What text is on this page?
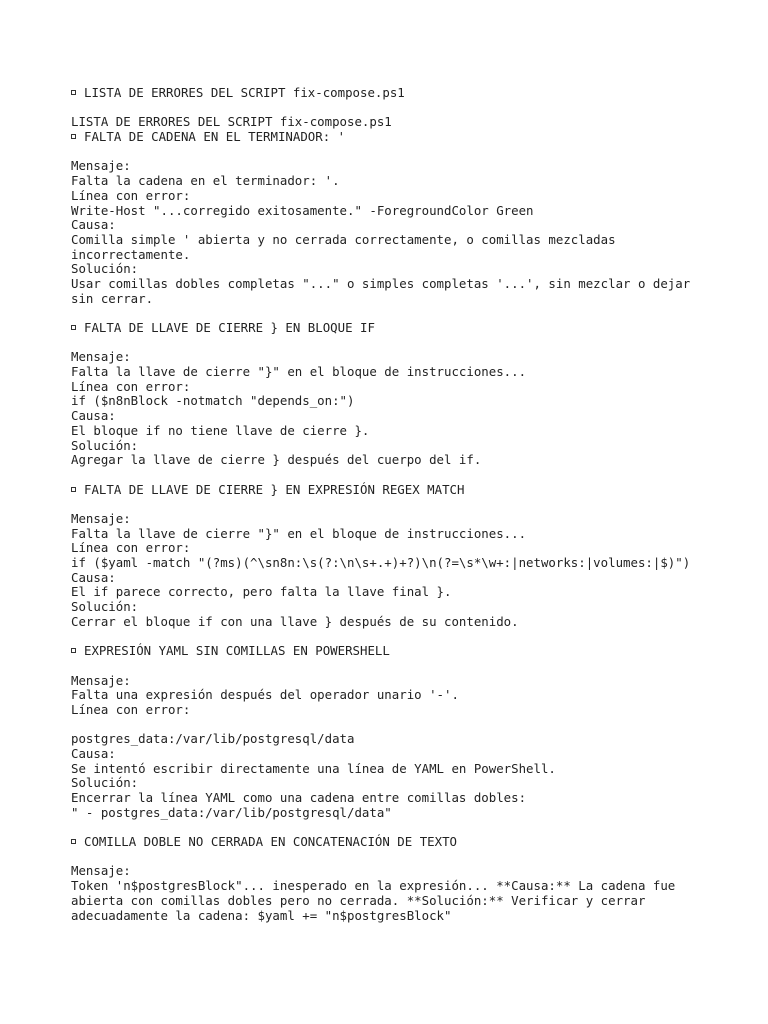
LISTA DE ERRORES DEL SCRIPT fix-compose.ps1
LISTA DE ERRORES DEL SCRIPT fix-compose.ps1
FALTA DE CADENA EN EL TERMINADOR: '
Mensaje:
Falta la cadena en el terminador: '.
Línea con error:
Write-Host "...corregido exitosamente." -ForegroundColor Green
Causa:
Comilla simple ' abierta y no cerrada correctamente, o comillas mezcladas
incorrectamente.
Solución:
Usar comillas dobles completas "..." o simples completas '...', sin mezclar o dejar
sin cerrar.
FALTA DE LLAVE DE CIERRE } EN BLOQUE IF
Mensaje:
Falta la llave de cierre "}" en el bloque de instrucciones...
Línea con error:
if ($n8nBlock -notmatch "depends_on:")
Causa:
El bloque if no tiene llave de cierre }.
Solución:
Agregar la llave de cierre } después del cuerpo del if.
FALTA DE LLAVE DE CIERRE } EN EXPRESIÓN REGEX MATCH
Mensaje:
Falta la llave de cierre "}" en el bloque de instrucciones...
Línea con error:
if ($yaml -match "(?ms)(^\sn8n:\s(?:\n\s+.+)+?)\n(?=\s*\w+:|networks:|volumes:|$)")
Causa:
El if parece correcto, pero falta la llave final }.
Solución:
Cerrar el bloque if con una llave } después de su contenido.
EXPRESIÓN YAML SIN COMILLAS EN POWERSHELL
Mensaje:
Falta una expresión después del operador unario '-'.
Línea con error:
postgres_data:/var/lib/postgresql/data
Causa:
Se intentó escribir directamente una línea de YAML en PowerShell.
Solución:
Encerrar la línea YAML como una cadena entre comillas dobles:
" - postgres_data:/var/lib/postgresql/data"
COMILLA DOBLE NO CERRADA EN CONCATENACIÓN DE TEXTO
Mensaje:
Token 'n$postgresBlock"... inesperado en la expresión... **Causa:** La cadena fue
abierta con comillas dobles pero no cerrada. **Solución:** Verificar y cerrar
adecuadamente la cadena: $yaml += "n$postgresBlock"
